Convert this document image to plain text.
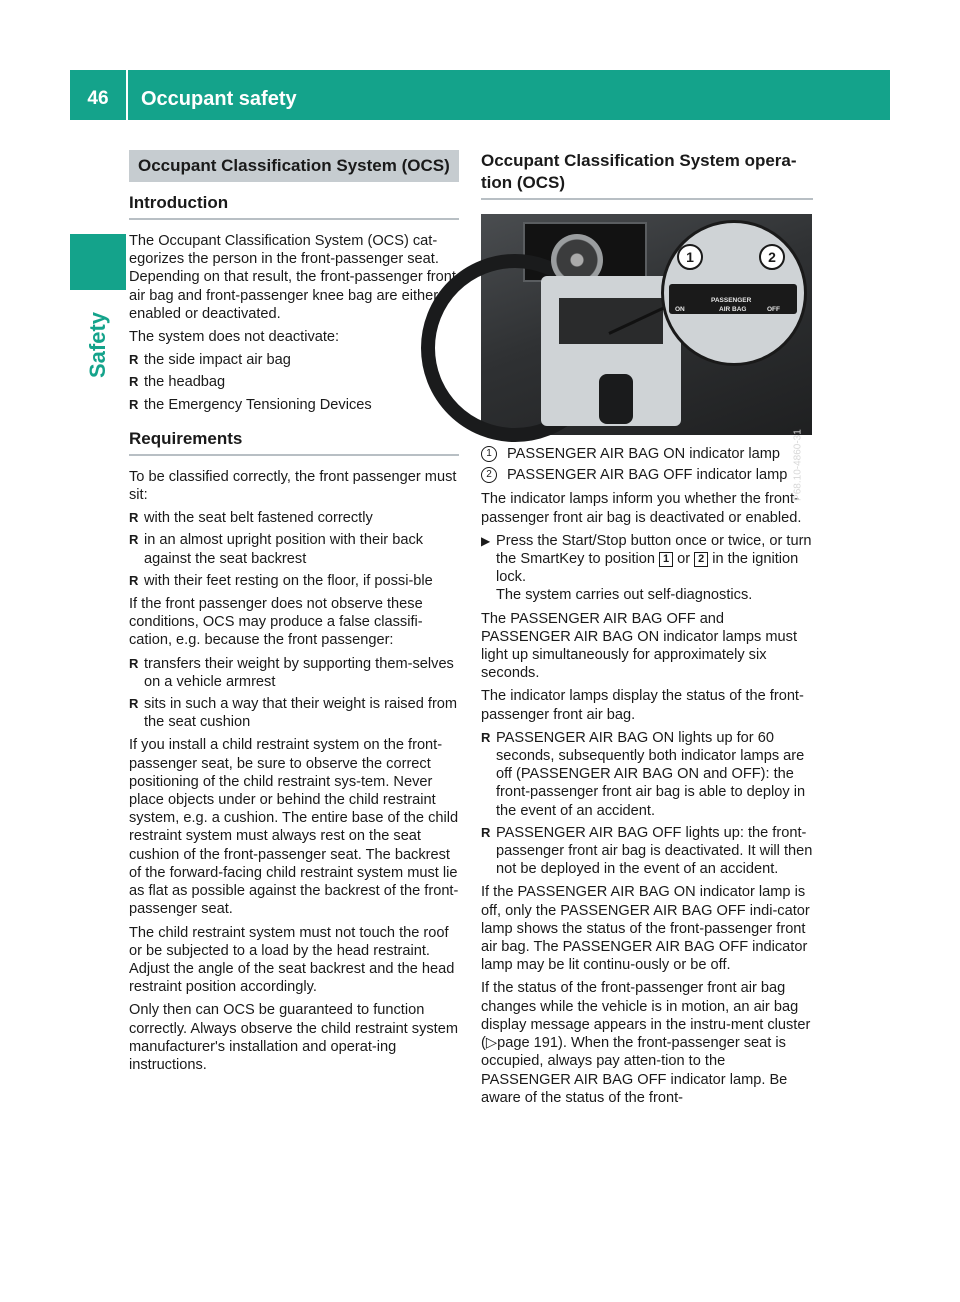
46	Occupant safety
Safety
Occupant Classification System (OCS)
Introduction

The Occupant Classification System (OCS) cat-egorizes the person in the front-passenger seat. Depending on that result, the front-passenger front air bag and front-passenger knee bag are either enabled or deactivated.

The system does not deactivate:

R the side impact air bag
R the headbag
R the Emergency Tensioning Devices
Requirements

To be classified correctly, the front passenger must sit:

R with the seat belt fastened correctly
R in an almost upright position with their back against the seat backrest
R with their feet resting on the floor, if possi-ble

If the front passenger does not observe these conditions, OCS may produce a false classifi-cation, e.g. because the front passenger:

R transfers their weight by supporting them-selves on a vehicle armrest
R sits in such a way that their weight is raised from the seat cushion

If you install a child restraint system on the front-passenger seat, be sure to observe the correct positioning of the child restraint sys-tem. Never place objects under or behind the child restraint system, e.g. a cushion. The entire base of the child restraint system must always rest on the seat cushion of the front-passenger seat. The backrest of the forward-facing child restraint system must lie as flat as possible against the backrest of the front-passenger seat.

The child restraint system must not touch the roof or be subjected to a load by the head restraint. Adjust the angle of the seat backrest and the head restraint position accordingly.

Only then can OCS be guaranteed to function correctly. Always observe the child restraint system manufacturer's installation and operat-ing instructions.

Occupant Classification System opera-tion (OCS)
ON
PASSENGER
AIR BAG	OFF
1	2
P68.10-4860-31
1	PASSENGER AIR BAG ON indicator lamp
2	PASSENGER AIR BAG OFF indicator lamp

The indicator lamps inform you whether the front-passenger front air bag is deactivated or enabled.

▶ Press the Start/Stop button once or twice, or turn the SmartKey to position 1 or 2 in the ignition lock.
The system carries out self-diagnostics.

The PASSENGER AIR BAG OFF and PASSENGER AIR BAG ON indicator lamps must light up simultaneously for approximately six seconds.

The indicator lamps display the status of the front-passenger front air bag.

R PASSENGER AIR BAG ON lights up for 60 seconds, subsequently both indicator lamps are off (PASSENGER AIR BAG ON and OFF): the front-passenger front air bag is able to deploy in the event of an accident.
R PASSENGER AIR BAG OFF lights up: the front-passenger front air bag is deactivated. It will then not be deployed in the event of an accident.

If the PASSENGER AIR BAG ON indicator lamp is off, only the PASSENGER AIR BAG OFF indi-cator lamp shows the status of the front-passenger front air bag. The PASSENGER AIR BAG OFF indicator lamp may be lit continu-ously or be off.

If the status of the front-passenger front air bag changes while the vehicle is in motion, an air bag display message appears in the instru-ment cluster (▷page 191). When the front-passenger seat is occupied, always pay atten-tion to the PASSENGER AIR BAG OFF indicator lamp. Be aware of the status of the front-
